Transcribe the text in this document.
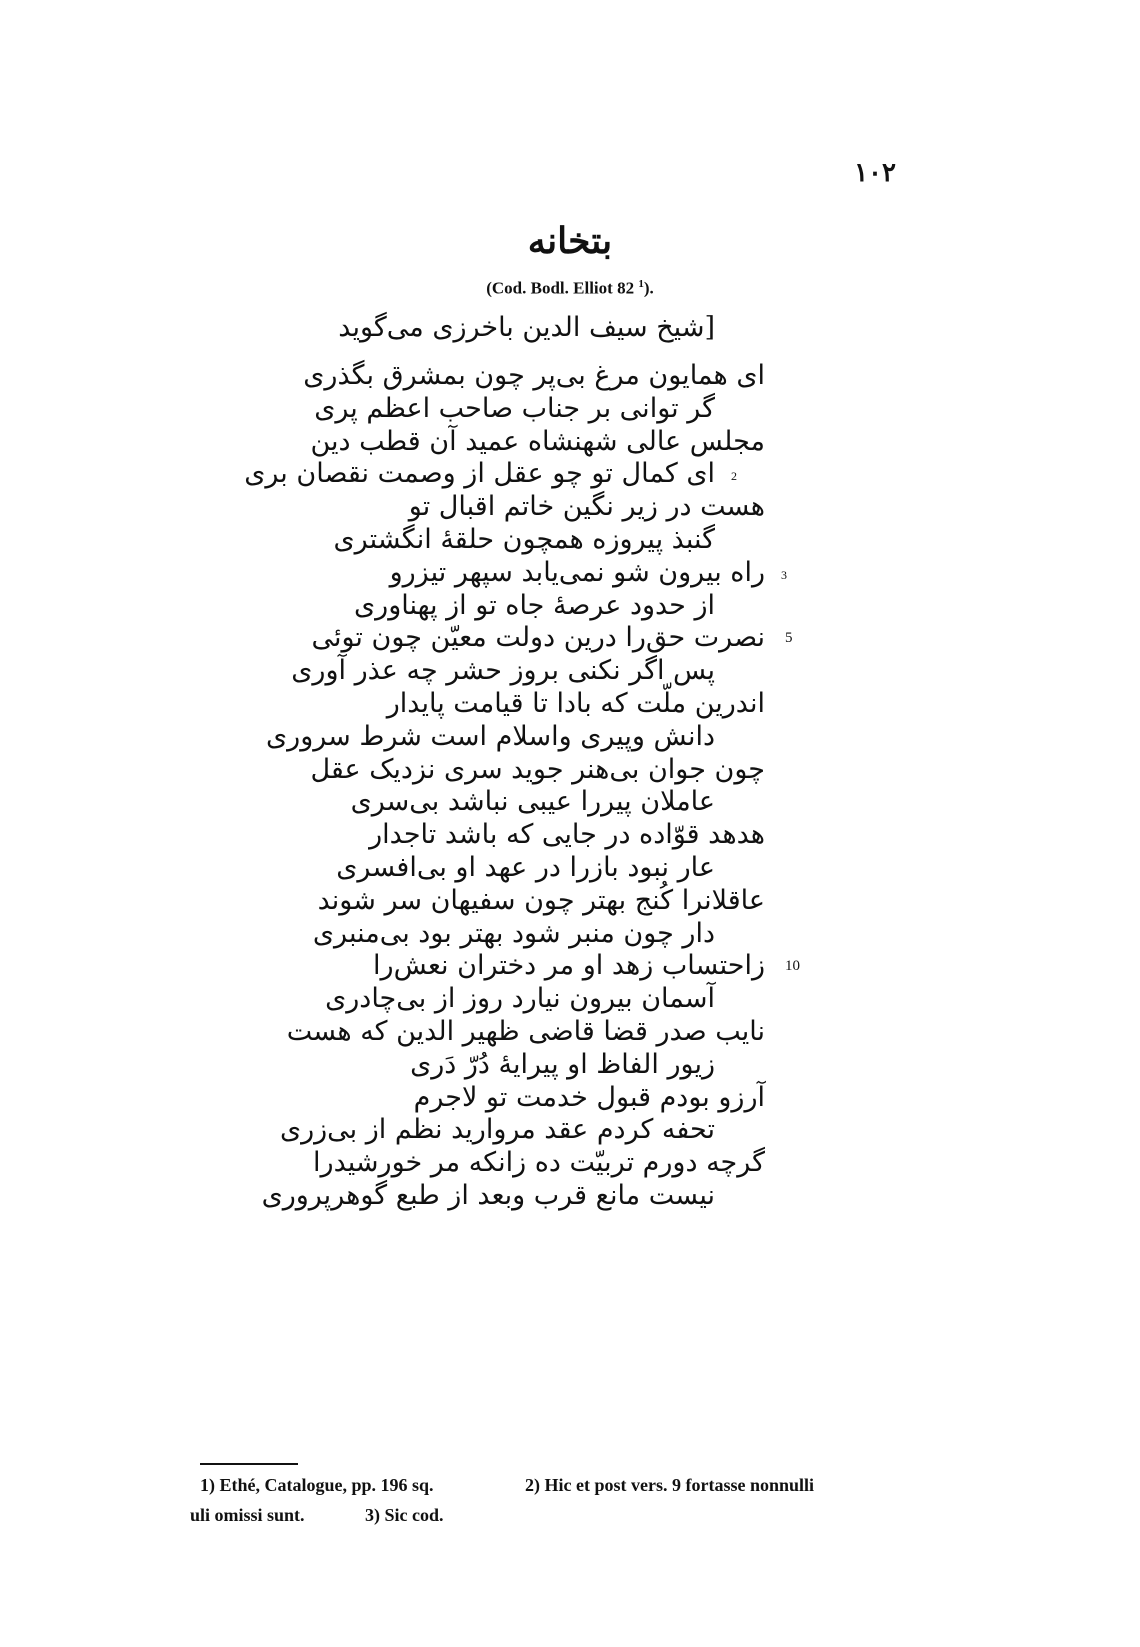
١٠٢
بتخانه
(Cod. Bodl. Elliot 82 $^1$).
[شیخ سیف الدین باخرزی می‌گوید
ای همایون مرغ بی‌پر چون بمشرق بگذری
گر توانی بر جناب صاحب اعظم پری
مجلس عالی شهنشاه عمید آن قطب دین
ای کمال تو چو عقل از وصمت نقصان بری 2
هست در زیر نگین خاتم اقبال تو
گنبذ پیروزه همچون حلقهٔ انگشتری
راه بیرون شو نمی‌یابد سپهر تیزرو 3
از حدود عرصهٔ جاه تو از پهناوری
نصرت حق‌را درین دولت معیّن چون توئی 5
پس اگر نکنی بروز حشر چه عذر آوری
اندرین ملّت که بادا تا قیامت پایدار
دانش وپیری واسلام است شرط سروری
چون جوان بی‌هنر جوید سری نزدیک عقل
عاملان پیررا عیبی نباشد بی‌سری
هدهد قوّاده در جایی که باشد تاجدار
عار نبود بازرا در عهد او بی‌افسری
عاقلانرا کُنج بهتر چون سفیهان سر شوند
دار چون منبر شود بهتر بود بی‌منبری
زاحتساب زهد او مر دختران نعش‌را 10
آسمان بیرون نیارد روز از بی‌چادری
نایب صدر قضا قاضی ظهیر الدین که هست
زیور الفاظ او پیرایهٔ دُرّ دَری
آرزو بودم قبول خدمت تو لاجرم
تحفه کردم عقد مروارید نظم از بی‌زری
گرچه دورم تربیّت ده زانکه مر خورشیدرا
نیست مانع قرب وبعد از طبع گوهرپروری
1) Ethé, Catalogue, pp. 196 sq.	2) Hic et post vers. 9 fortasse nonnulli
uli omissi sunt.	3) Sic cod.
